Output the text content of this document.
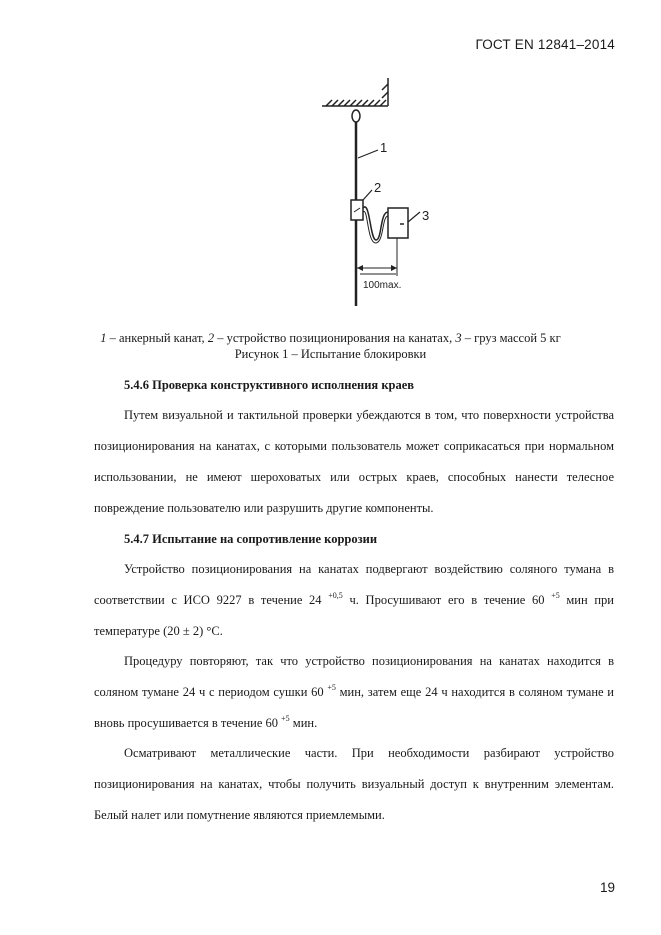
ГОСТ EN 12841–2014
1
2
3
100max.
1 – анкерный канат, 2 – устройство позиционирования на канатах, 3 – груз массой 5 кг
Рисунок 1 – Испытание блокировки
5.4.6 Проверка конструктивного исполнения краев
Путем визуальной и тактильной проверки убеждаются в том, что поверхности устройства позиционирования на канатах, с которыми пользователь может соприкасаться при нормальном использовании, не имеют шероховатых или острых краев, способных нанести телесное повреждение пользователю или разрушить другие компоненты.
5.4.7 Испытание на сопротивление коррозии
Устройство позиционирования на канатах подвергают воздействию соляного тумана в соответствии с ИСО 9227 в течение 24 $^{+0,5}$ ч. Просушивают его в течение 60 $^{+5}$ мин при температуре (20 ± 2) °С.
Процедуру повторяют, так что устройство позиционирования на канатах находится в соляном тумане 24 ч с периодом сушки 60 $^{+5}$ мин, затем еще 24 ч находится в соляном тумане и вновь просушивается в течение 60 $^{+5}$ мин.
Осматривают металлические части. При необходимости разбирают устройство позиционирования на канатах, чтобы получить визуальный доступ к внутренним элементам. Белый налет или помутнение являются приемлемыми.
19
